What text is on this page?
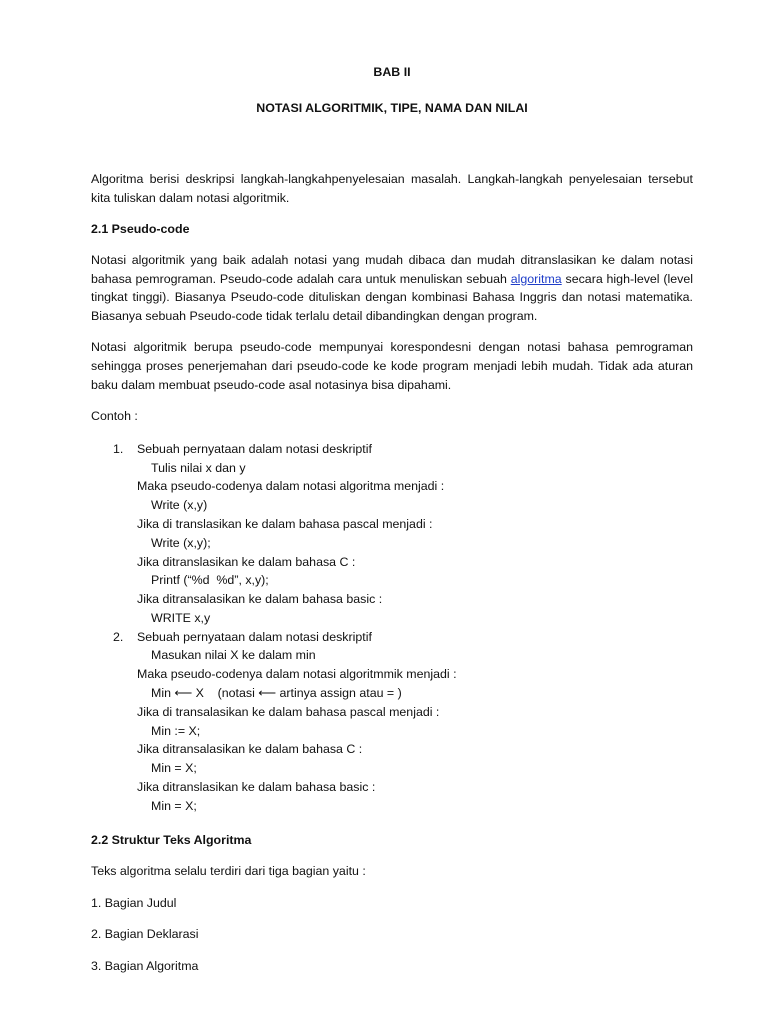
BAB II

NOTASI ALGORITMIK, TIPE, NAMA DAN NILAI

Algoritma berisi deskripsi langkah-langkahpenyelesaian masalah. Langkah-langkah penyelesaian tersebut kita tuliskan dalam notasi algoritmik.

2.1 Pseudo-code

Notasi algoritmik yang baik adalah notasi yang mudah dibaca dan mudah ditranslasikan ke dalam notasi bahasa pemrograman. Pseudo-code adalah cara untuk menuliskan sebuah algoritma secara high-level (level tingkat tinggi). Biasanya Pseudo-code dituliskan dengan kombinasi Bahasa Inggris dan notasi matematika. Biasanya sebuah Pseudo-code tidak terlalu detail dibandingkan dengan program.

Notasi algoritmik berupa pseudo-code mempunyai korespondesni dengan notasi bahasa pemrograman sehingga proses penerjemahan dari pseudo-code ke kode program menjadi lebih mudah. Tidak ada aturan baku dalam membuat pseudo-code asal notasinya bisa dipahami.

Contoh :

1. Sebuah pernyataan dalam notasi deskriptif
Tulis nilai x dan y
Maka pseudo-codenya dalam notasi algoritma menjadi :
Write (x,y)
Jika di translasikan ke dalam bahasa pascal menjadi :
Write (x,y);
Jika ditranslasikan ke dalam bahasa C :
Printf (“%d  %d”, x,y);
Jika ditransalasikan ke dalam bahasa basic :
WRITE x,y
2. Sebuah pernyataan dalam notasi deskriptif
Masukan nilai X ke dalam min
Maka pseudo-codenya dalam notasi algoritmmik menjadi :
Min ⟵ X    (notasi ⟵ artinya assign atau = )
Jika di transalasikan ke dalam bahasa pascal menjadi :
Min := X;
Jika ditransalasikan ke dalam bahasa C :
Min = X;
Jika ditranslasikan ke dalam bahasa basic :
Min = X;

2.2 Struktur Teks Algoritma

Teks algoritma selalu terdiri dari tiga bagian yaitu :

1. Bagian Judul

2. Bagian Deklarasi

3. Bagian Algoritma
